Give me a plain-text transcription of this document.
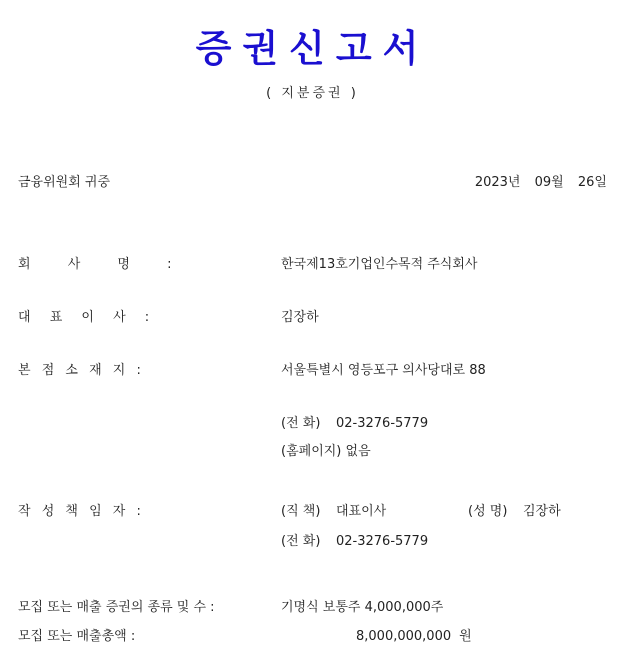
증권신고서
( 지분증권 )
금융위원회 귀중	2023년 09월 26일
회 사 명 :	한국제13호기업인수목적 주식회사
대 표 이 사 :	김장하
본 점 소 재 지 :	서울특별시 영등포구 의사당대로 88
(전 화) 02-3276-5779
(홈페이지) 없음
작 성 책 임 자 :	(직 책) 대표이사	(성 명) 김장하
(전 화) 02-3276-5779
모집 또는 매출 증권의 종류 및 수 :	기명식 보통주 4,000,000주
모집 또는 매출총액 :	8,000,000,000 원
